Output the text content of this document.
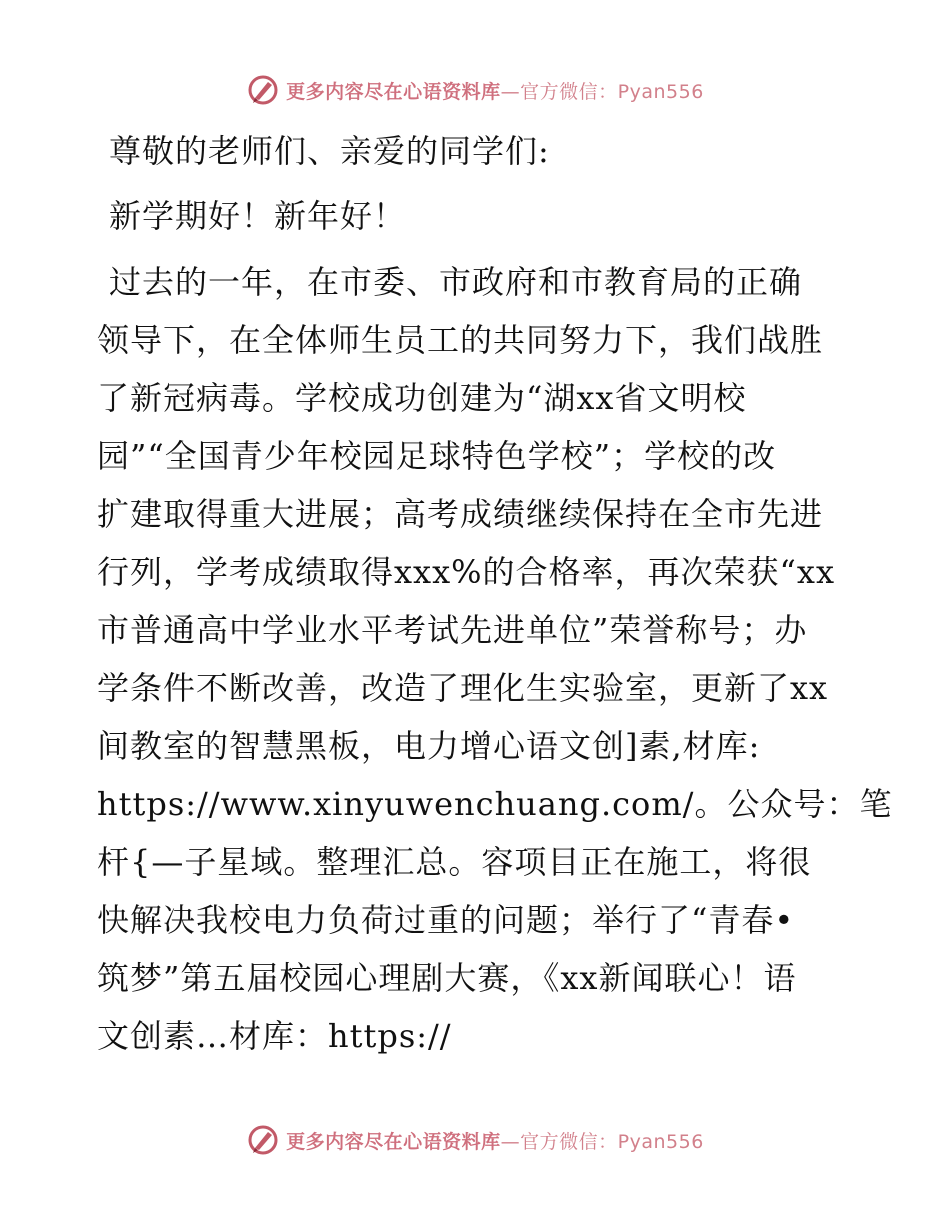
更多内容尽在心语资料库—官方微信：Pyan556
尊敬的老师们、亲爱的同学们:
新学期好！新年好！
过去的一年，在市委、市政府和市教育局的正确
领导下，在全体师生员工的共同努力下，我们战胜
了新冠病毒。学校成功创建为“湖xx省文明校
园”“全国青少年校园足球特色学校”；学校的改
扩建取得重大进展；高考成绩继续保持在全市先进
行列，学考成绩取得xxx%的合格率，再次荣获“xx
市普通高中学业水平考试先进单位”荣誉称号；办
学条件不断改善，改造了理化生实验室，更新了xx
间教室的智慧黑板，电力增心语文创]素,材库:
https://www.xinyuwenchuang.com/。公众号：笔
杆{—子星域。整理汇总。容项目正在施工，将很
快解决我校电力负荷过重的问题；举行了“青春•
筑梦”第五届校园心理剧大赛，《xx新闻联心！语
文创素…材库：https://
更多内容尽在心语资料库—官方微信：Pyan556
